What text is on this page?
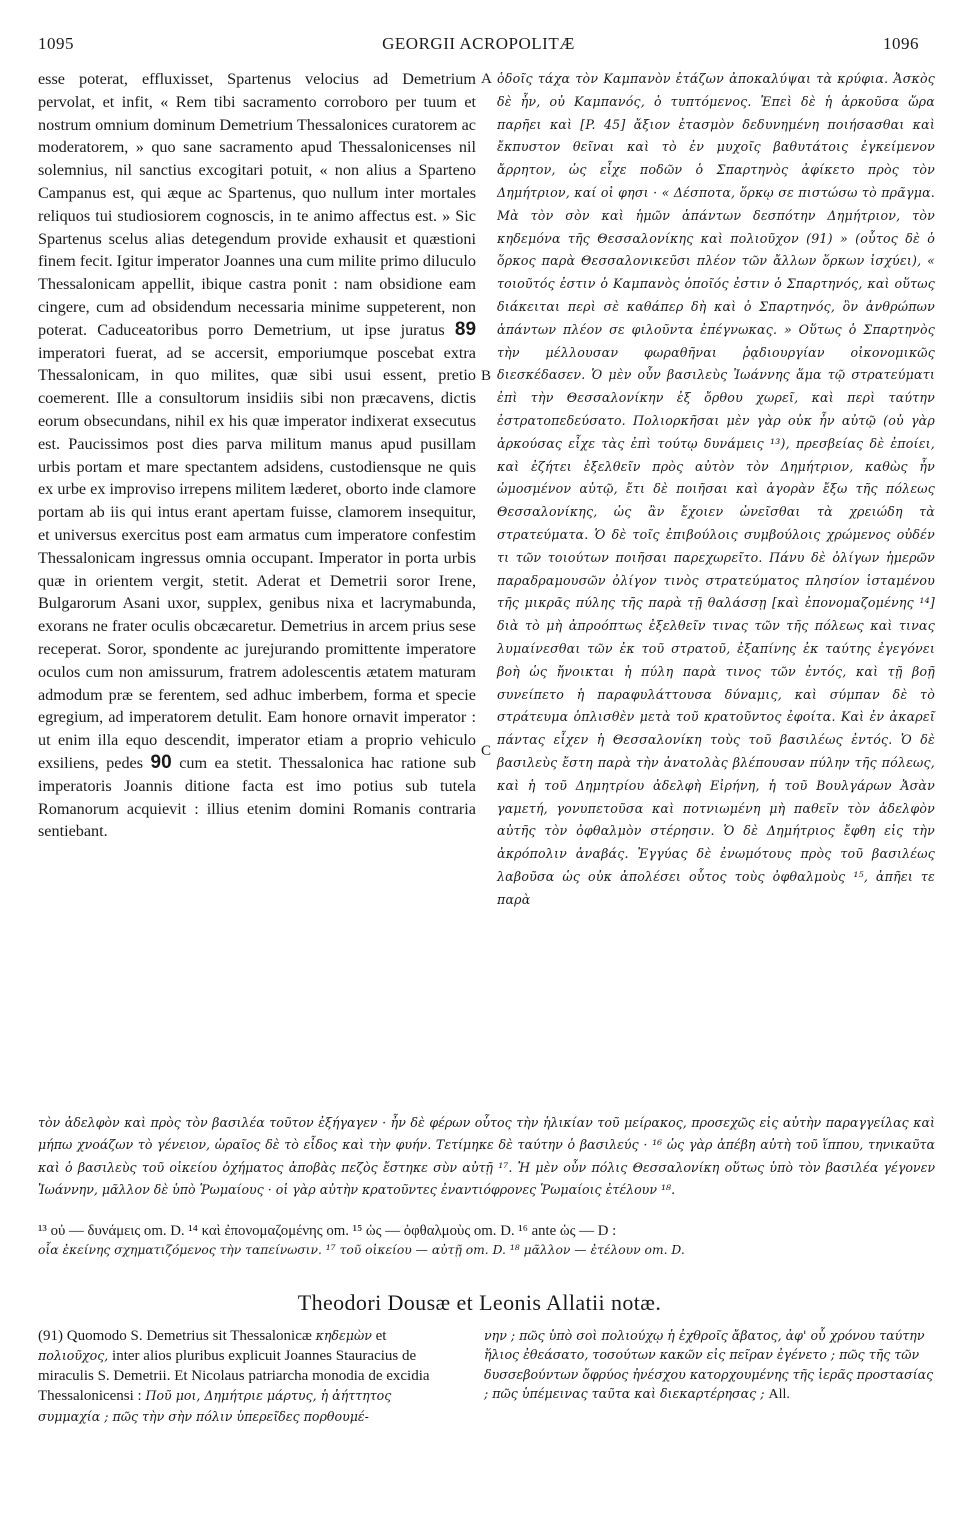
1095	GEORGII ACROPOLITÆ	1096

esse poterat, effluxisset, Spartenus velocius ad Demetrium pervolat, et infit, « Rem tibi sacramento corroboro per tuum et nostrum omnium dominum Demetrium Thessalonices curatorem ac moderatorem, » quo sane sacramento apud Thessalonicenses nil solemnius, nil sanctius excogitari potuit, « non alius a Sparteno Campanus est, qui æque ac Spartenus, quo nullum inter mortales reliquos tui studiosiorem cognoscis, in te animo affectus est. » Sic Spartenus scelus alias detegendum provide exhausit et quæstioni finem fecit. Igitur imperator Joannes una cum milite primo diluculo Thessalonicam appellit, ibique castra ponit : nam obsidione eam cingere, cum ad obsidendum necessaria minime suppeterent, non poterat. Caduceatoribus porro Demetrium, ut ipse juratus 89 imperatori fuerat, ad se accersit, emporiumque poscebat extra Thessalonicam, in quo milites, quæ sibi usui essent, pretio coemerent. Ille a consultorum insidiis sibi non præcavens, dictis eorum obsecundans, nihil ex his quæ imperator indixerat exsecutus est. Paucissimos post dies parva militum manus apud pusillam urbis portam et mare spectantem adsidens, custodiensque ne quis ex urbe ex improviso irrepens militem læderet, oborto inde clamore portam ab iis qui intus erant apertam fuisse, clamorem insequitur, et universus exercitus post eam armatus cum imperatore confestim Thessalonicam ingressus omnia occupant. Imperator in porta urbis quæ in orientem vergit, stetit. Aderat et Demetrii soror Irene, Bulgarorum Asani uxor, supplex, genibus nixa et lacrymabunda, exorans ne frater oculis obcæcaretur. Demetrius in arcem prius sese receperat. Soror, spondente ac jurejurando promittente imperatore oculos cum non amissurum, fratrem adolescentis ætatem maturam admodum præ se ferentem, sed adhuc imberbem, forma et specie egregium, ad imperatorem detulit. Eam honore ornavit imperator : ut enim illa equo descendit, imperator etiam a proprio vehiculo exsiliens, pedes 90 cum ea stetit. Thessalonica hac ratione sub imperatoris Joannis ditione facta est imo potius sub tutela Romanorum acquievit : illius etenim domini Romanis contraria sentiebant.

A
B
C

ὁδοῖς τάχα τὸν Καμπανὸν ἐτάζων ἀποκαλύψαι τὰ κρύφια. Ἀσκὸς δὲ ἦν, οὐ Καμπανός, ὁ τυπτόμενος. Ἐπεὶ δὲ ἡ ἀρκοῦσα ὥρα παρῆει καὶ [P. 45] ἄξιον ἐτασμὸν δεδυνημένη ποιήσασθαι καὶ ἔκπυστον θεῖναι καὶ τὸ ἐν μυχοῖς βαθυτάτοις ἐγκείμενον ἄρρητον, ὡς εἶχε ποδῶν ὁ Σπαρτηνὸς ἀφίκετο πρὸς τὸν Δημήτριον, καί οἱ φησι · « Δέσποτα, ὅρκῳ σε πιστώσω τὸ πρᾶγμα. Μὰ τὸν σὸν καὶ ἡμῶν ἁπάντων δεσπότην Δημήτριον, τὸν κηδεμόνα τῆς Θεσσαλονίκης καὶ πολιοῦχον (91) » (οὗτος δὲ ὁ ὅρκος παρὰ Θεσσαλονικεῦσι πλέον τῶν ἄλλων ὅρκων ἰσχύει), « τοιοῦτός ἐστιν ὁ Καμπανὸς ὁποῖός ἐστιν ὁ Σπαρτηνός, καὶ οὕτως διάκειται περὶ σὲ καθάπερ δὴ καὶ ὁ Σπαρτηνός, ὃν ἀνθρώπων ἁπάντων πλέον σε φιλοῦντα ἐπέγνωκας. » Οὕτως ὁ Σπαρτηνὸς τὴν μέλλουσαν φωραθῆναι ῥᾳδιουργίαν οἰκονομικῶς διεσκέδασεν. Ὁ μὲν οὖν βασιλεὺς Ἰωάννης ἅμα τῷ στρατεύματι ἐπὶ τὴν Θεσσαλονίκην ἐξ ὄρθου χωρεῖ, καὶ περὶ ταύτην ἐστρατοπεδεύσατο. Πολιορκῆσαι μὲν γὰρ οὐκ ἦν αὐτῷ (οὐ γὰρ ἀρκούσας εἶχε τὰς ἐπὶ τούτῳ δυνάμεις ¹³), πρεσβείας δὲ ἐποίει, καὶ ἐζήτει ἐξελθεῖν πρὸς αὐτὸν τὸν Δημήτριον, καθὼς ἦν ὠμοσμένον αὐτῷ, ἔτι δὲ ποιῆσαι καὶ ἀγορὰν ἔξω τῆς πόλεως Θεσσαλονίκης, ὡς ἂν ἔχοιεν ὠνεῖσθαι τὰ χρειώδη τὰ στρατεύματα. Ὁ δὲ τοῖς ἐπιβούλοις συμβούλοις χρώμενος οὐδέν τι τῶν τοιούτων ποιῆσαι παρεχωρεῖτο. Πάνυ δὲ ὀλίγων ἡμερῶν παραδραμουσῶν ὀλίγον τινὸς στρατεύματος πλησίον ἱσταμένου τῆς μικρᾶς πύλης τῆς παρὰ τῇ θαλάσσῃ [καὶ ἐπονομαζομένης ¹⁴] διὰ τὸ μὴ ἀπροόπτως ἐξελθεῖν τινας τῶν τῆς πόλεως καὶ τινας λυμαίνεσθαι τῶν ἐκ τοῦ στρατοῦ, ἐξαπίνης ἐκ ταύτης ἐγεγόνει βοὴ ὡς ἤνοικται ἡ πύλη παρὰ τινος τῶν ἐντός, καὶ τῇ βοῇ συνείπετο ἡ παραφυλάττουσα δύναμις, καὶ σύμπαν δὲ τὸ στράτευμα ὁπλισθὲν μετὰ τοῦ κρατοῦντος ἐφοίτα. Καὶ ἐν ἀκαρεῖ πάντας εἶχεν ἡ Θεσσαλονίκη τοὺς τοῦ βασιλέως ἐντός. Ὁ δὲ βασιλεὺς ἔστη παρὰ τὴν ἀνατολὰς βλέπουσαν πύλην τῆς πόλεως, καὶ ἡ τοῦ Δημητρίου ἀδελφὴ Εἰρήνη, ἡ τοῦ Βουλγάρων Ἀσὰν γαμετή, γονυπετοῦσα καὶ ποτνιωμένη μὴ παθεῖν τὸν ἀδελφὸν αὐτῆς τὸν ὀφθαλμὸν στέρησιν. Ὁ δὲ Δημήτριος ἔφθη εἰς τὴν ἀκρόπολιν ἀναβάς. Ἐγγύας δὲ ἐνωμότους πρὸς τοῦ βασιλέως λαβοῦσα ὡς οὐκ ἀπολέσει οὗτος τοὺς ὀφθαλμοὺς ¹⁵, ἀπῆει τε παρὰ

τὸν ἀδελφὸν καὶ πρὸς τὸν βασιλέα τοῦτον ἐξήγαγεν · ἦν δὲ φέρων οὗτος τὴν ἡλικίαν τοῦ μείρακος, προσεχῶς εἰς αὐτὴν παραγγείλας καὶ μήπω χνοάζων τὸ γένειον, ὡραῖος δὲ τὸ εἶδος καὶ τὴν φυήν. Τετίμηκε δὲ ταύτην ὁ βασιλεύς · ¹⁶ ὡς γὰρ ἀπέβη αὐτὴ τοῦ ἵππου, τηνικαῦτα καὶ ὁ βασιλεὺς τοῦ οἰκείου ὀχήματος ἀποβὰς πεζὸς ἔστηκε σὺν αὐτῇ ¹⁷. Ἡ μὲν οὖν πόλις Θεσσαλονίκη οὕτως ὑπὸ τὸν βασιλέα γέγονεν Ἰωάννην, μᾶλλον δὲ ὑπὸ Ῥωμαίους · οἱ γὰρ αὐτὴν κρατοῦντες ἐναντιόφρονες Ῥωμαίοις ἐτέλουν ¹⁸.

¹³ οὐ — δυνάμεις om. D. ¹⁴ καὶ ἐπονομαζομένης om. ¹⁵ ὡς — ὀφθαλμοὺς om. D. ¹⁶ ante ὡς — D :
οἷα ἐκείνης σχηματιζόμενος τὴν ταπείνωσιν. ¹⁷ τοῦ οἰκείου — αὐτῇ om. D. ¹⁸ μᾶλλον — ἐτέλουν om. D.
Theodori Dousæ et Leonis Allatii notæ.

(91) Quomodo S. Demetrius sit Thessalonicæ κηδεμὼν et πολιοῦχος, inter alios pluribus explicuit Joannes Stauracius de miraculis S. Demetrii. Et Nicolaus patriarcha monodia de excidia Thessalonicensi : Ποῦ μοι, Δημήτριε μάρτυς, ἡ ἀήττητος συμμαχία ; πῶς τὴν σὴν πόλιν ὑπερεῖδες πορθουμέ-

νην ; πῶς ὑπὸ σοὶ πολιούχῳ ἡ ἐχθροῖς ἄβατος, ἀφ' οὗ χρόνου ταύτην ἥλιος ἐθεάσατο, τοσούτων κακῶν εἰς πεῖραν ἐγένετο ; πῶς τῆς τῶν δυσσεβούντων ὄφρύος ἠνέσχου κατορχουμένης τῆς ἱερᾶς προστασίας ; πῶς ὑπέμεινας ταῦτα καὶ διεκαρτέρησας ; All.
